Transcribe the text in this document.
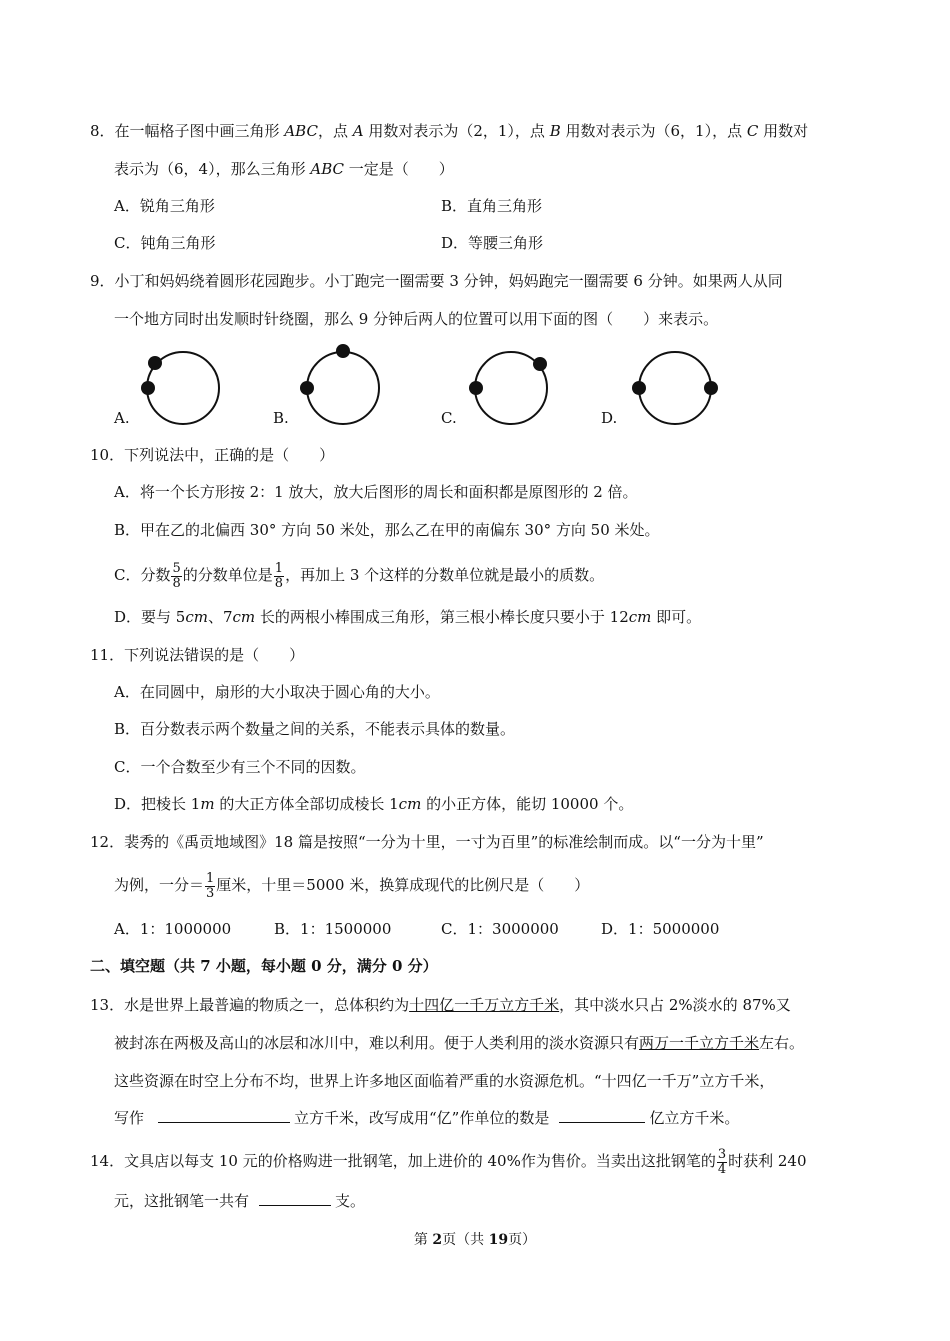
8．在一幅格子图中画三角形 ABC，点 A 用数对表示为（2，1），点 B 用数对表示为（6，1），点 C 用数对
表示为（6，4），那么三角形 ABC 一定是（　　）
A．锐角三角形	B．直角三角形
C．钝角三角形	D．等腰三角形
9．小丁和妈妈绕着圆形花园跑步。小丁跑完一圈需要 3 分钟，妈妈跑完一圈需要 6 分钟。如果两人从同
一个地方同时出发顺时针绕圈，那么 9 分钟后两人的位置可以用下面的图（　　）来表示。
A.	B.	C.	D.
10．下列说法中，正确的是（　　）
A．将一个长方形按 2：1 放大，放大后图形的周长和面积都是原图形的 2 倍。
B．甲在乙的北偏西 30° 方向 50 米处，那么乙在甲的南偏东 30° 方向 50 米处。
C．分数 $\frac{5}{8}$ 的分数单位是 $\frac{1}{8}$ ，再加上 3 个这样的分数单位就是最小的质数。
D．要与 5cm、7cm 长的两根小棒围成三角形，第三根小棒长度只要小于 12cm 即可。
11．下列说法错误的是（　　）
A．在同圆中，扇形的大小取决于圆心角的大小。
B．百分数表示两个数量之间的关系，不能表示具体的数量。
C．一个合数至少有三个不同的因数。
D．把棱长 1m 的大正方体全部切成棱长 1cm 的小正方体，能切 10000 个。
12．裴秀的《禹贡地域图》18 篇是按照“一分为十里，一寸为百里”的标准绘制而成。以“一分为十里”
为例，一分＝ $\frac{1}{3}$ 厘米，十里＝5000 米，换算成现代的比例尺是（　　）
A．1：1000000	B．1：1500000	C．1：3000000	D．1：5000000
二、填空题（共 7 小题，每小题 0 分，满分 0 分）
13．水是世界上最普遍的物质之一，总体积约为十四亿一千万立方千米，其中淡水只占 2%淡水的 87%又
被封冻在两极及高山的冰层和冰川中，难以利用。便于人类利用的淡水资源只有两万一千立方千米左右。
这些资源在时空上分布不均，世界上许多地区面临着严重的水资源危机。“十四亿一千万”立方千米，
写作	立方千米，改写成用“亿”作单位的数是	亿立方千米。
14．文具店以每支 10 元的价格购进一批钢笔，加上进价的 40%作为售价。当卖出这批钢笔的 $\frac{3}{4}$ 时获利 240
元，这批钢笔一共有	支。
第 2页（共 19页）
